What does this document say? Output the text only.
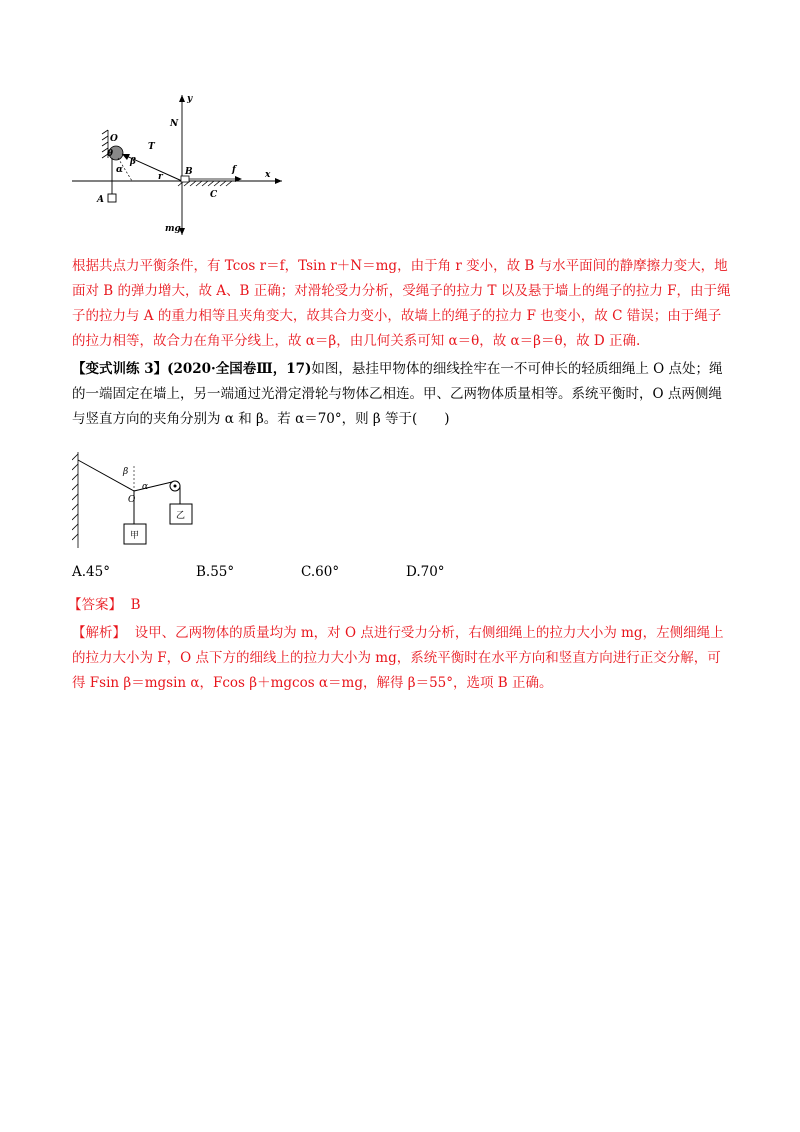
y
N
O
θ
T
β
α
r B	f	x
A	C
mg

根据共点力平衡条件，有 Tcos r＝f，Tsin r＋N＝mg，由于角 r 变小，故 B 与水平面间的静摩擦力变大，地面对 B 的弹力增大，故 A、B 正确；对滑轮受力分析，受绳子的拉力 T 以及悬于墙上的绳子的拉力 F，由于绳子的拉力与 A 的重力相等且夹角变大，故其合力变小，故墙上的绳子的拉力 F 也变小，故 C 错误；由于绳子的拉力相等，故合力在角平分线上，故 α＝β，由几何关系可知 α＝θ，故 α＝β＝θ，故 D 正确.

【变式训练 3】(2020·全国卷Ⅲ，17)如图，悬挂甲物体的细线拴牢在一不可伸长的轻质细绳上 O 点处；绳的一端固定在墙上，另一端通过光滑定滑轮与物体乙相连。甲、乙两物体质量相等。系统平衡时，O 点两侧绳与竖直方向的夹角分别为 α 和 β。若 α＝70°，则 β 等于(　　)

β
α
O
甲
乙
A.45°	B.55°	C.60°	D.70°
【答案】 B

【解析】 设甲、乙两物体的质量均为 m，对 O 点进行受力分析，右侧细绳上的拉力大小为 mg，左侧细绳上的拉力大小为 F，O 点下方的细线上的拉力大小为 mg，系统平衡时在水平方向和竖直方向进行正交分解，可得 Fsin β＝mgsin α，Fcos β＋mgcos α＝mg，解得 β＝55°，选项 B 正确。
